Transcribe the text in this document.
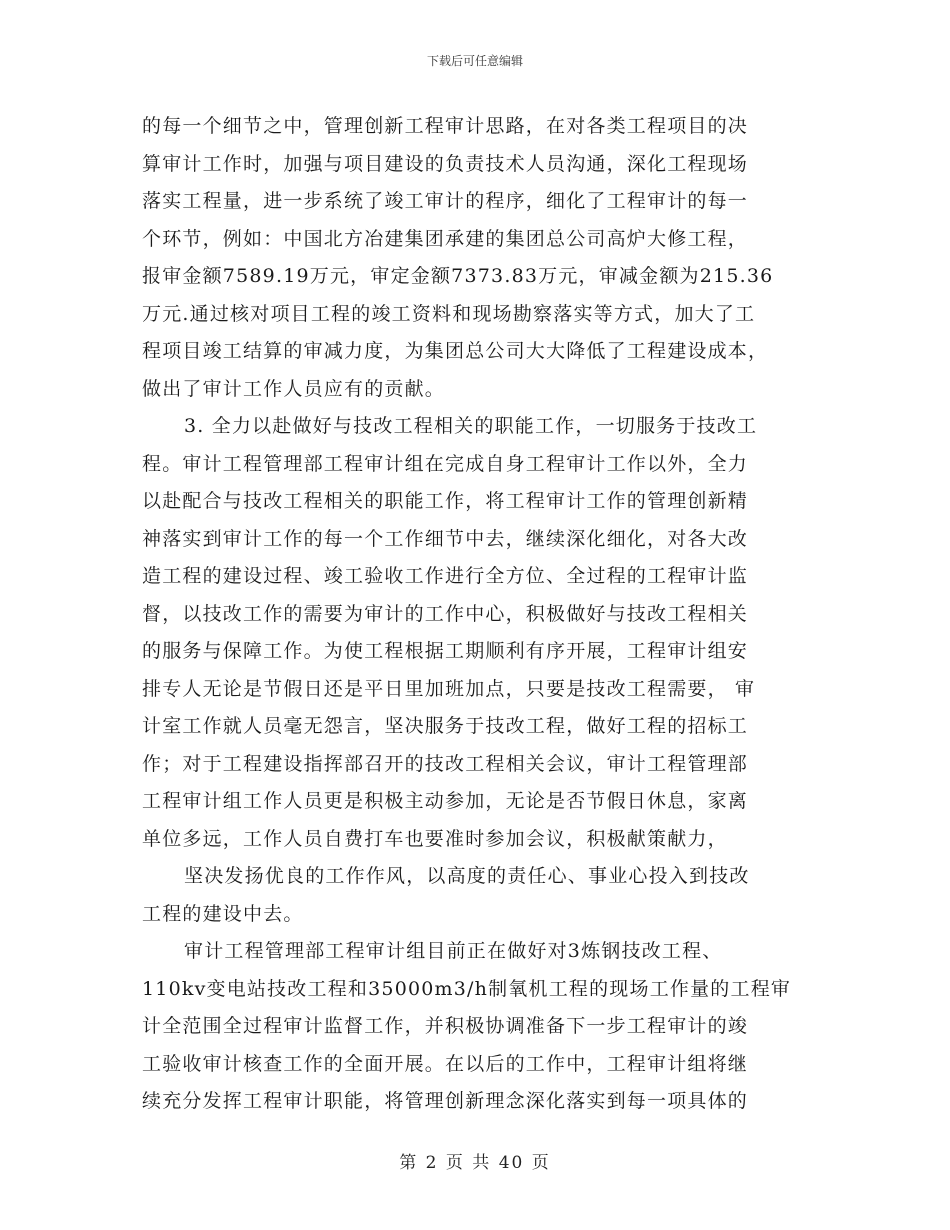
下载后可任意编辑
的每一个细节之中，管理创新工程审计思路，在对各类工程项目的决
算审计工作时，加强与项目建设的负责技术人员沟通，深化工程现场
落实工程量，进一步系统了竣工审计的程序，细化了工程审计的每一
个环节，例如：中国北方冶建集团承建的集团总公司高炉大修工程，
报审金额7589.19万元，审定金额7373.83万元，审减金额为215.36
万元.通过核对项目工程的竣工资料和现场勘察落实等方式，加大了工
程项目竣工结算的审减力度，为集团总公司大大降低了工程建设成本，
做出了审计工作人员应有的贡献。
3. 全力以赴做好与技改工程相关的职能工作，一切服务于技改工
程。审计工程管理部工程审计组在完成自身工程审计工作以外，全力
以赴配合与技改工程相关的职能工作，将工程审计工作的管理创新精
神落实到审计工作的每一个工作细节中去，继续深化细化，对各大改
造工程的建设过程、竣工验收工作进行全方位、全过程的工程审计监
督，以技改工作的需要为审计的工作中心，积极做好与技改工程相关
的服务与保障工作。为使工程根据工期顺利有序开展，工程审计组安
排专人无论是节假日还是平日里加班加点，只要是技改工程需要， 审
计室工作就人员毫无怨言，坚决服务于技改工程，做好工程的招标工
作；对于工程建设指挥部召开的技改工程相关会议，审计工程管理部
工程审计组工作人员更是积极主动参加，无论是否节假日休息，家离
单位多远，工作人员自费打车也要准时参加会议，积极献策献力，
坚决发扬优良的工作作风，以高度的责任心、事业心投入到技改
工程的建设中去。
审计工程管理部工程审计组目前正在做好对3炼钢技改工程、
110kv变电站技改工程和35000m3/h制氧机工程的现场工作量的工程审
计全范围全过程审计监督工作，并积极协调准备下一步工程审计的竣
工验收审计核查工作的全面开展。在以后的工作中，工程审计组将继
续充分发挥工程审计职能，将管理创新理念深化落实到每一项具体的
第 2 页 共 40 页
